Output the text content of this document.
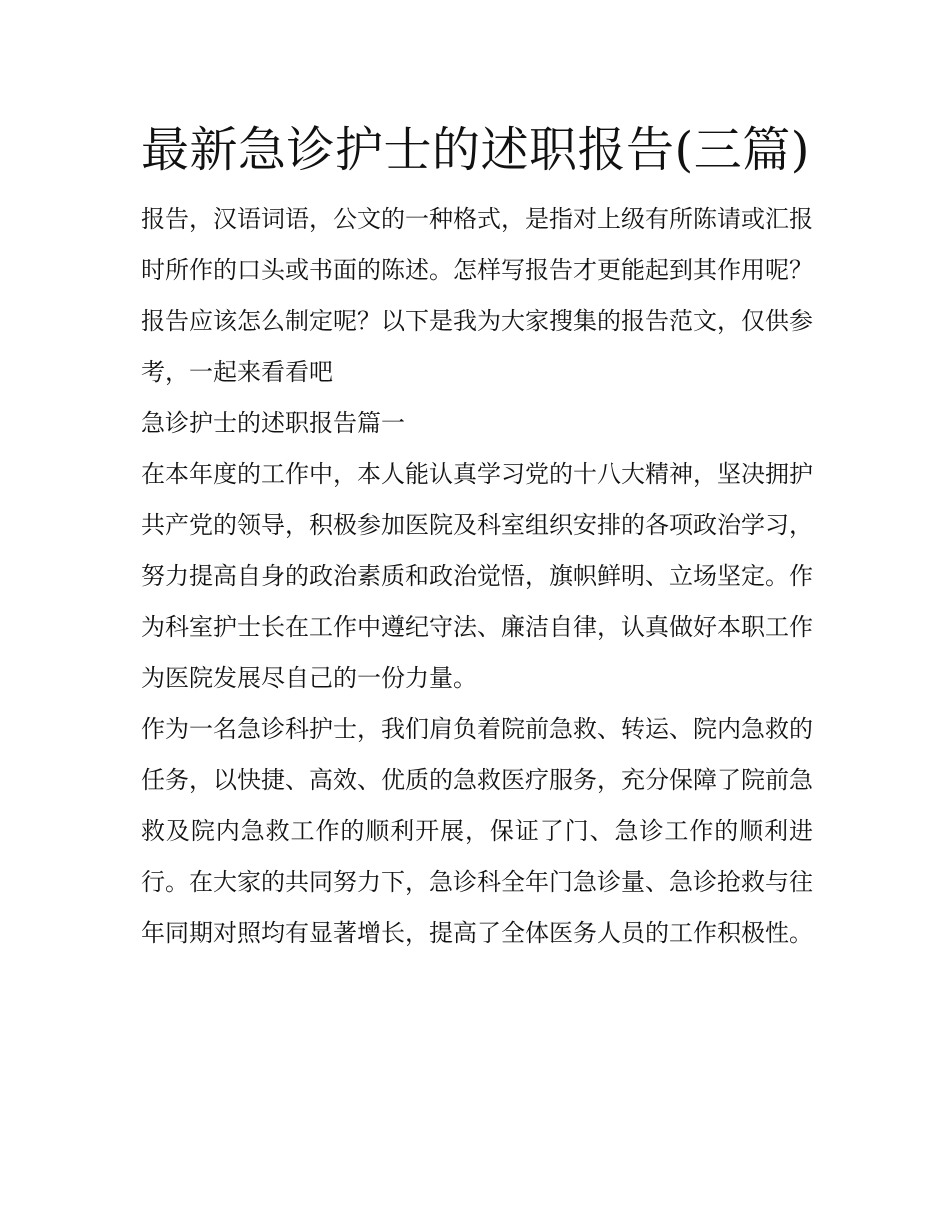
最新急诊护士的述职报告(三篇)

报告，汉语词语，公文的一种格式，是指对上级有所陈请或汇报时所作的口头或书面的陈述。怎样写报告才更能起到其作用呢？报告应该怎么制定呢？以下是我为大家搜集的报告范文，仅供参考，一起来看看吧

急诊护士的述职报告篇一

在本年度的工作中，本人能认真学习党的十八大精神，坚决拥护共产党的领导，积极参加医院及科室组织安排的各项政治学习，努力提高自身的政治素质和政治觉悟，旗帜鲜明、立场坚定。作为科室护士长在工作中遵纪守法、廉洁自律，认真做好本职工作为医院发展尽自己的一份力量。

作为一名急诊科护士，我们肩负着院前急救、转运、院内急救的任务，以快捷、高效、优质的急救医疗服务，充分保障了院前急救及院内急救工作的顺利开展，保证了门、急诊工作的顺利进行。在大家的共同努力下，急诊科全年门急诊量、急诊抢救与往年同期对照均有显著增长，提高了全体医务人员的工作积极性。
